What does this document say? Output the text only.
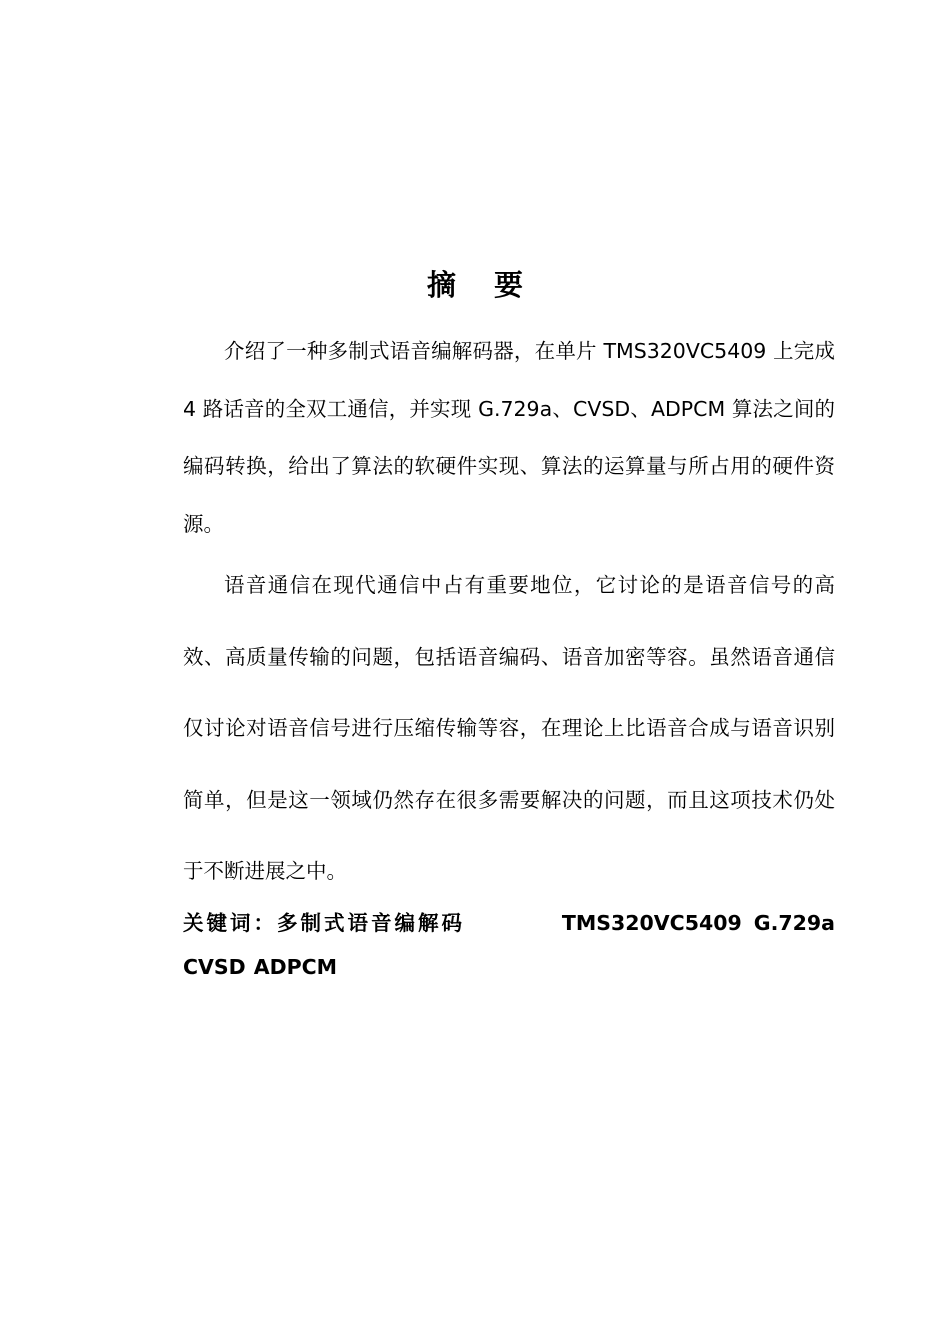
摘 要

介绍了一种多制式语音编解码器，在单片 TMS320VC5409 上完成 4 路话音的全双工通信，并实现 G.729a、CVSD、ADPCM 算法之间的编码转换，给出了算法的软硬件实现、算法的运算量与所占用的硬件资源。

语音通信在现代通信中占有重要地位，它讨论的是语音信号的高效、高质量传输的问题，包括语音编码、语音加密等容。虽然语音通信仅讨论对语音信号进行压缩传输等容，在理论上比语音合成与语音识别简单，但是这一领域仍然存在很多需要解决的问题，而且这项技术仍处于不断进展之中。

关键词：多制式语音编解码	TMS320VC5409 G.729a
CVSD ADPCM
